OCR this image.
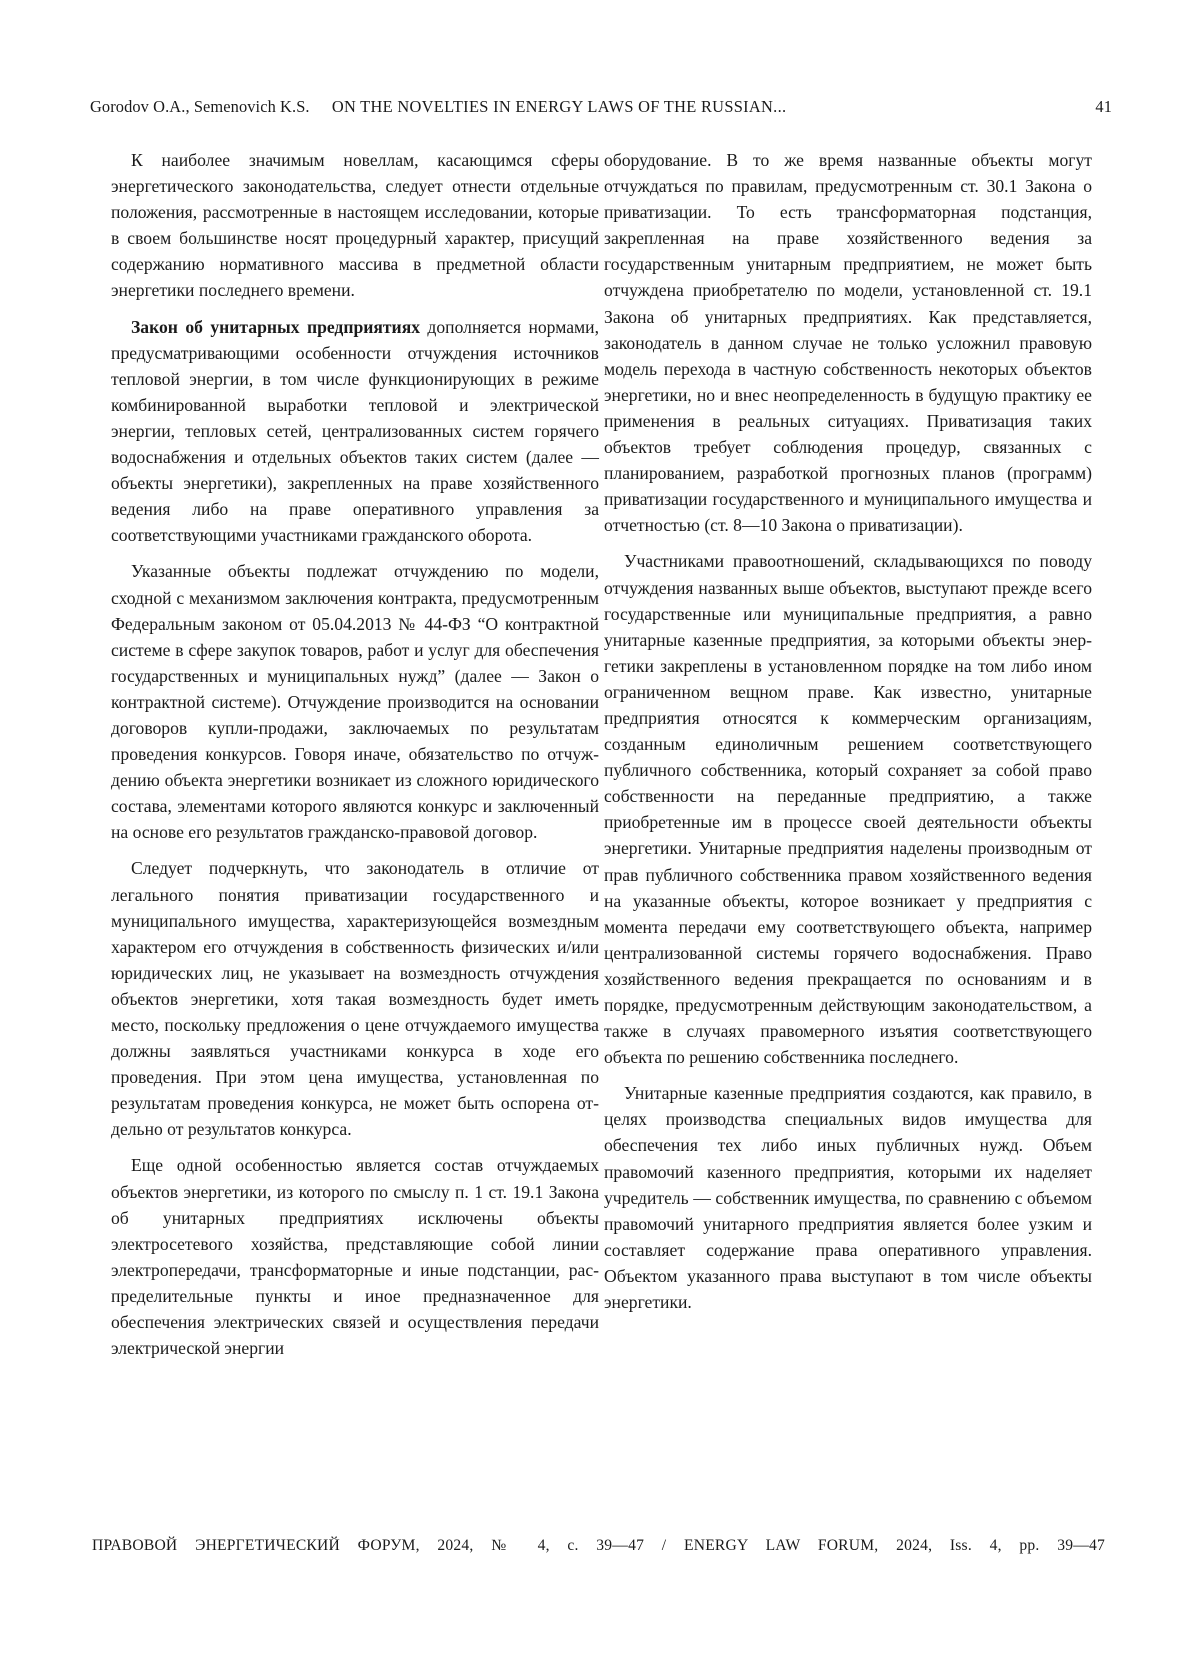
Gorodov O.A., Semenovich K.S. ON THE NOVELTIES IN ENERGY LAWS OF THE RUSSIAN...	41

К наиболее значимым новеллам, касающимся сферы энергетического законодательства, следует отнести отдельные положения, рассмотренные в настоящем исследовании, которые в своем большинстве носят процедурный характер, присущий содержанию нормативного массива в предметной области энергетики последнего времени.

Закон об унитарных предприятиях дополняется нормами, предусматривающими особенности отчуждения источников тепловой энергии, в том числе функционирующих в режиме комбинированной выработки тепловой и электрической энергии, тепловых сетей, централизованных систем горячего водоснабжения и отдельных объектов таких систем (далее — объекты энергетики), закрепленных на праве хозяйственного ведения либо на праве оперативного управления за соответствующими участниками гражданского оборота.

Указанные объекты подлежат отчуждению по модели, сходной с механизмом заключения контракта, предусмотренным Федеральным законом от 05.04.2013 № 44-ФЗ “О контрактной системе в сфере закупок товаров, работ и услуг для обеспечения государственных и муниципальных нужд” (далее — Закон о контрактной системе). Отчуждение производится на основании договоров купли-продажи, заключаемых по результатам проведения конкурсов. Говоря иначе, обязательство по отчуждению объекта энергетики возникает из сложного юридического состава, элементами которого являются конкурс и заключенный на основе его результатов гражданско-правовой договор.

Следует подчеркнуть, что законодатель в отличие от легального понятия приватизации государственного и муниципального имущества, характеризующейся возмездным характером его отчуждения в собственность физических и/или юридических лиц, не указывает на возмездность отчуждения объектов энергетики, хотя такая возмездность будет иметь место, поскольку предложения о цене отчуждаемого имущества должны заявляться участниками конкурса в ходе его проведения. При этом цена имущества, установленная по результатам проведения конкурса, не может быть оспорена отдельно от результатов конкурса.

Еще одной особенностью является состав отчуждаемых объектов энергетики, из которого по смыслу п. 1 ст. 19.1 Закона об унитарных предприятиях исключены объекты электросетевого хозяйства, представляющие собой линии электропередачи, трансформаторные и иные подстанции, распределительные пункты и иное предназначенное для обеспечения электрических связей и осуществления передачи электрической энергии

оборудование. В то же время названные объекты могут отчуждаться по правилам, предусмотренным ст. 30.1 Закона о приватизации. То есть трансформаторная подстанция, закрепленная на праве хозяйственного ведения за государственным унитарным предприятием, не может быть отчуждена приобретателю по модели, установленной ст. 19.1 Закона об унитарных предприятиях. Как представляется, законодатель в данном случае не только усложнил правовую модель перехода в частную собственность некоторых объектов энергетики, но и внес неопределенность в будущую практику ее применения в реальных ситуациях. Приватизация таких объектов требует соблюдения процедур, связанных с планированием, разработкой прогнозных планов (программ) приватизации государственного и муниципального имущества и отчетностью (ст. 8—10 Закона о приватизации).

Участниками правоотношений, складывающихся по поводу отчуждения названных выше объектов, выступают прежде всего государственные или муниципальные предприятия, а равно унитарные казенные предприятия, за которыми объекты энергетики закреплены в установленном порядке на том либо ином ограниченном вещном праве. Как известно, унитарные предприятия относятся к коммерческим организациям, созданным единоличным решением соответствующего публичного собственника, который сохраняет за собой право собственности на переданные предприятию, а также приобретенные им в процессе своей деятельности объекты энергетики. Унитарные предприятия наделены производным от прав публичного собственника правом хозяйственного ведения на указанные объекты, которое возникает у предприятия с момента передачи ему соответствующего объекта, например централизованной системы горячего водоснабжения. Право хозяйственного ведения прекращается по основаниям и в порядке, предусмотренным действующим законодательством, а также в случаях правомерного изъятия соответствующего объекта по решению собственника последнего.

Унитарные казенные предприятия создаются, как правило, в целях производства специальных видов имущества для обеспечения тех либо иных публичных нужд. Объем правомочий казенного предприятия, которыми их наделяет учредитель — собственник имущества, по сравнению с объемом правомочий унитарного предприятия является более узким и составляет содержание права оперативного управления. Объектом указанного права выступают в том числе объекты энергетики.

ПРАВОВОЙ ЭНЕРГЕТИЧЕСКИЙ ФОРУМ, 2024, № 4, с. 39—47 / ENERGY LAW FORUM, 2024, Iss. 4, pp. 39—47
